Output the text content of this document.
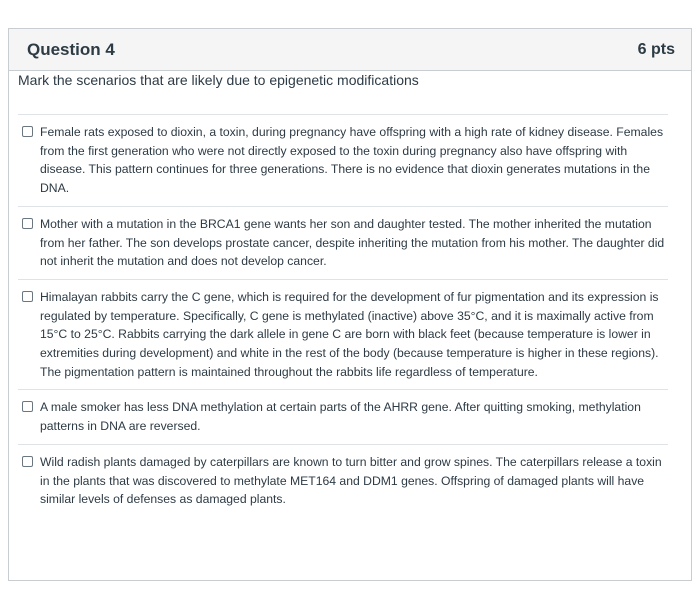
Question 4	6 pts
Mark the scenarios that are likely due to epigenetic modifications
Female rats exposed to dioxin, a toxin, during pregnancy have offspring with a high rate of kidney disease. Females from the first generation who were not directly exposed to the toxin during pregnancy also have offspring with disease. This pattern continues for three generations. There is no evidence that dioxin generates mutations in the DNA.
Mother with a mutation in the BRCA1 gene wants her son and daughter tested. The mother inherited the mutation from her father. The son develops prostate cancer, despite inheriting the mutation from his mother. The daughter did not inherit the mutation and does not develop cancer.
Himalayan rabbits carry the C gene, which is required for the development of fur pigmentation and its expression is regulated by temperature. Specifically, C gene is methylated (inactive) above 35°C, and it is maximally active from 15°C to 25°C. Rabbits carrying the dark allele in gene C are born with black feet (because temperature is lower in extremities during development) and white in the rest of the body (because temperature is higher in these regions). The pigmentation pattern is maintained throughout the rabbits life regardless of temperature.
A male smoker has less DNA methylation at certain parts of the AHRR gene. After quitting smoking, methylation patterns in DNA are reversed.
Wild radish plants damaged by caterpillars are known to turn bitter and grow spines. The caterpillars release a toxin in the plants that was discovered to methylate MET164 and DDM1 genes. Offspring of damaged plants will have similar levels of defenses as damaged plants.
